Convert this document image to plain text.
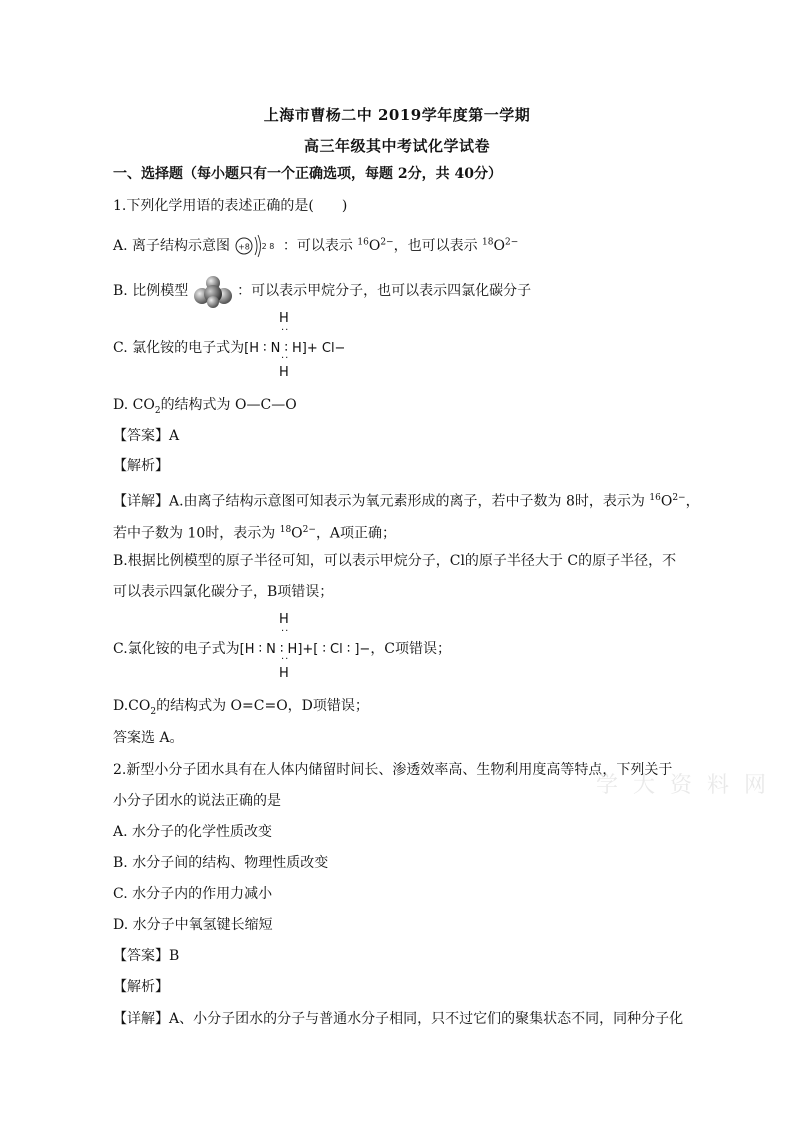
上海市曹杨二中 2019学年度第一学期
高三年级其中考试化学试卷
一、选择题（每小题只有一个正确选项，每题 2分，共 40分）
1.下列化学用语的表述正确的是(　　)
A. 离子结构示意图 +8 2 8 ：可以表示 $^{16}O^{2-}$，也可以表示 $^{18}O^{2-}$
B. 比例模型	：可以表示甲烷分子，也可以表示四氯化碳分子
H
··
C. 氯化铵的电子式为[H ∶ N ∶ H]+ Cl−
··
H
D. $CO_2$的结构式为 O—C—O
【答案】A
【解析】
【详解】A.由离子结构示意图可知表示为氧元素形成的离子，若中子数为 8时，表示为 $^{16}O^{2-}$，
若中子数为 10时，表示为 $^{18}O^{2-}$，A项正确；
B.根据比例模型的原子半径可知，可以表示甲烷分子，Cl的原子半径大于 C的原子半径，不
可以表示四氯化碳分子，B项错误；
H
··
C.氯化铵的电子式为[H ∶ N ∶ H]+[ ∶ Cl ∶ ]−，C项错误；
··
H
$D.CO_2$的结构式为 O=C=O，D项错误；
答案选 A。
2.新型小分子团水具有在人体内储留时间长、渗透效率高、生物利用度高等特点，下列关于
小分子团水的说法正确的是
A. 水分子的化学性质改变
B. 水分子间的结构、物理性质改变
C. 水分子内的作用力减小
D. 水分子中氧氢键长缩短
【答案】B
【解析】
【详解】A、小分子团水的分子与普通水分子相同，只不过它们的聚集状态不同，同种分子化
学 大 资 料 网
